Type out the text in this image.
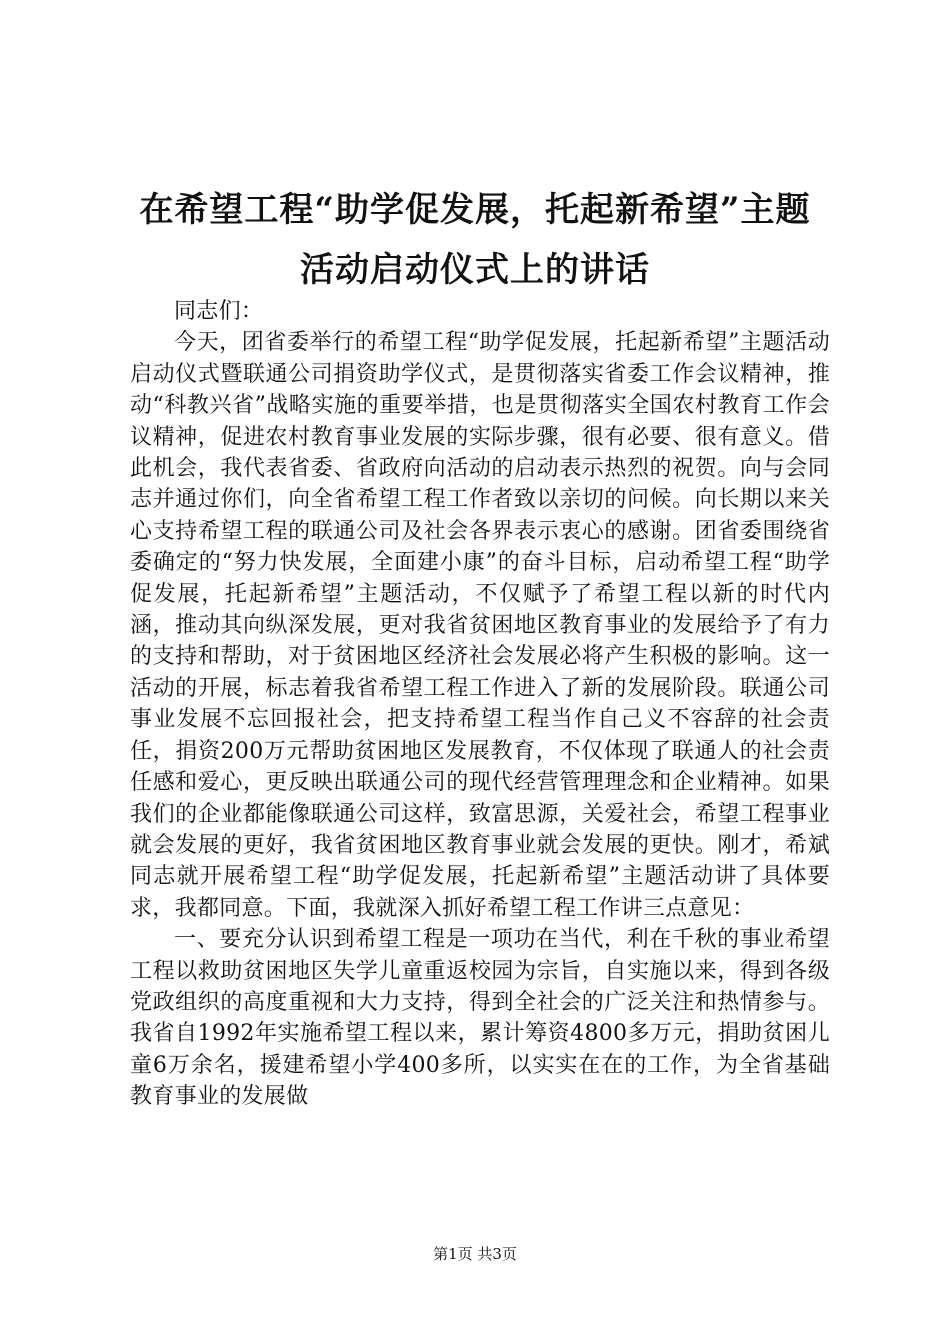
在希望工程“助学促发展，托起新希望”主题
活动启动仪式上的讲话

同志们：

今天，团省委举行的希望工程“助学促发展，托起新希望”主题活动启动仪式暨联通公司捐资助学仪式，是贯彻落实省委工作会议精神，推动“科教兴省”战略实施的重要举措，也是贯彻落实全国农村教育工作会议精神，促进农村教育事业发展的实际步骤，很有必要、很有意义。借此机会，我代表省委、省政府向活动的启动表示热烈的祝贺。向与会同志并通过你们，向全省希望工程工作者致以亲切的问候。向长期以来关心支持希望工程的联通公司及社会各界表示衷心的感谢。团省委围绕省委确定的“努力快发展，全面建小康”的奋斗目标，启动希望工程“助学促发展，托起新希望”主题活动，不仅赋予了希望工程以新的时代内涵，推动其向纵深发展，更对我省贫困地区教育事业的发展给予了有力的支持和帮助，对于贫困地区经济社会发展必将产生积极的影响。这一活动的开展，标志着我省希望工程工作进入了新的发展阶段。联通公司事业发展不忘回报社会，把支持希望工程当作自己义不容辞的社会责任，捐资200万元帮助贫困地区发展教育，不仅体现了联通人的社会责任感和爱心，更反映出联通公司的现代经营管理理念和企业精神。如果我们的企业都能像联通公司这样，致富思源，关爱社会，希望工程事业就会发展的更好，我省贫困地区教育事业就会发展的更快。刚才，希斌同志就开展希望工程“助学促发展，托起新希望”主题活动讲了具体要求，我都同意。下面，我就深入抓好希望工程工作讲三点意见：

一、要充分认识到希望工程是一项功在当代，利在千秋的事业希望工程以救助贫困地区失学儿童重返校园为宗旨，自实施以来，得到各级党政组织的高度重视和大力支持，得到全社会的广泛关注和热情参与。我省自1992年实施希望工程以来，累计筹资4800多万元，捐助贫困儿童6万余名，援建希望小学400多所，以实实在在的工作，为全省基础教育事业的发展做

第1页 共3页
